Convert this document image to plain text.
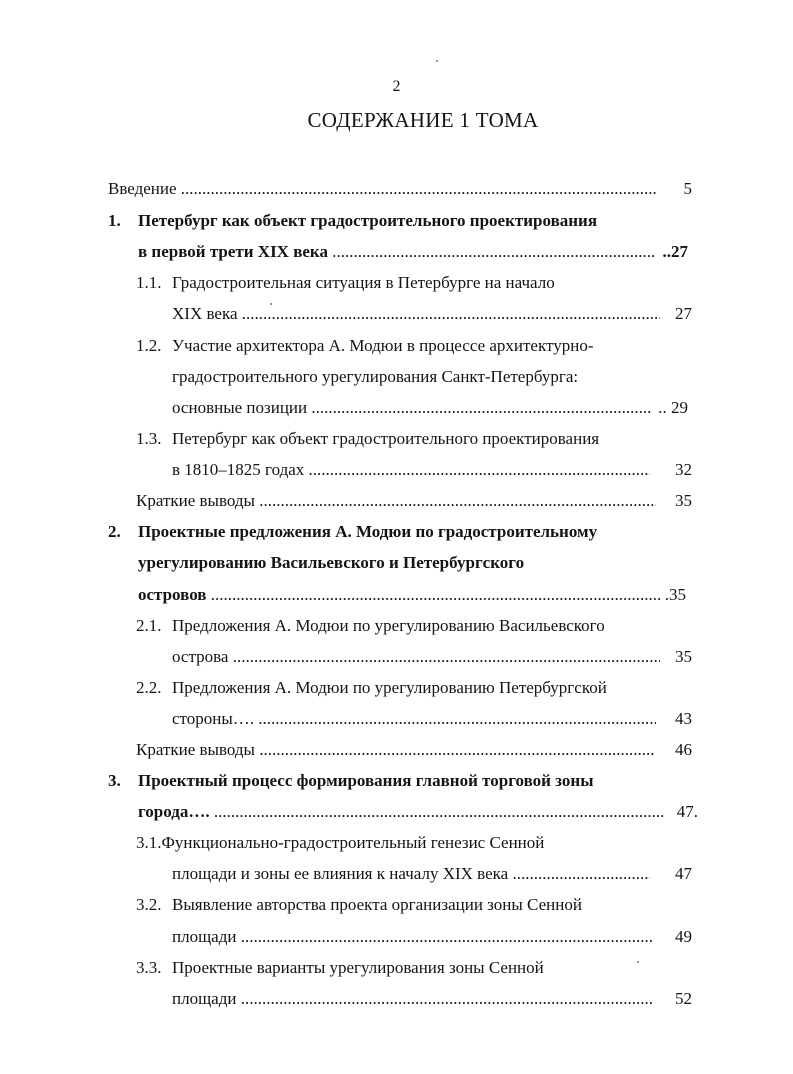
2
СОДЕРЖАНИЕ 1 ТОМА
Введение .....	5
1. Петербург как объект градостроительного проектирования
в первой трети XIX века .....	..27
1.1. Градостроительная ситуация в Петербурге на начало
XIX века .....	27
1.2. Участие архитектора А. Модюи в процессе архитектурно-
градостроительного урегулирования Санкт-Петербурга:
основные позиции .....	.. 29
1.3. Петербург как объект градостроительного проектирования
в 1810–1825 годах .....	32
Краткие выводы .....	35
2. Проектные предложения А. Модюи по градостроительному
урегулированию Васильевского и Петербургского
островов .....	.35
2.1. Предложения А. Модюи по урегулированию Васильевского
острова .....	35
2.2. Предложения А. Модюи по урегулированию Петербургской
стороны…. .....	43
Краткие выводы .....	46
3. Проектный процесс формирования главной торговой зоны
города…. .....	47.
3.1.Функционально-градостроительный генезис Сенной
площади и зоны ее влияния к началу XIX века .....	47
3.2. Выявление авторства проекта организации зоны Сенной
площади .....	49
3.3. Проектные варианты урегулирования зоны Сенной
площади .....	52
